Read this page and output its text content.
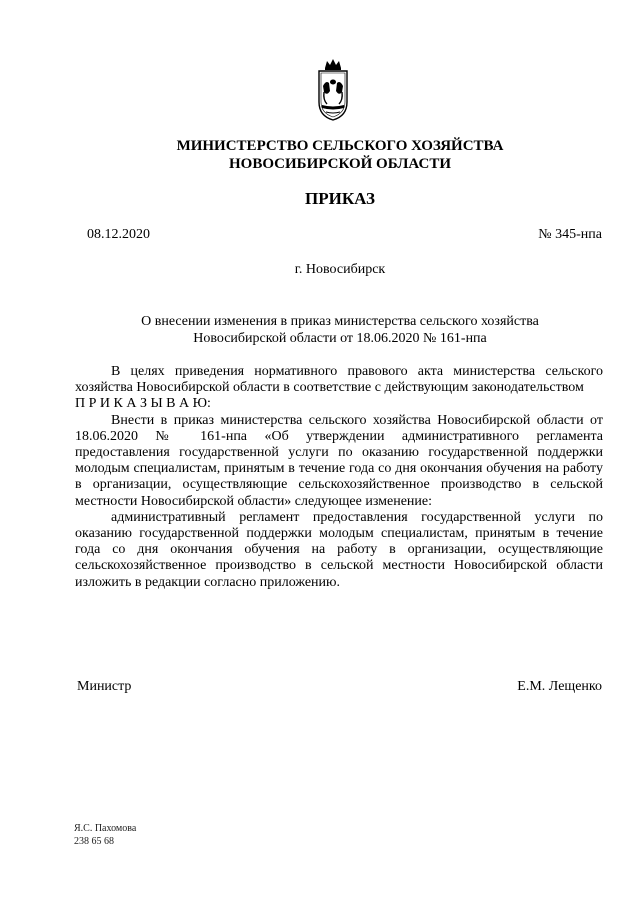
МИНИСТЕРСТВО СЕЛЬСКОГО ХОЗЯЙСТВА
НОВОСИБИРСКОЙ ОБЛАСТИ
ПРИКАЗ
08.12.2020	№ 345-нпа
г. Новосибирск
О внесении изменения в приказ министерства сельского хозяйства
Новосибирской области от 18.06.2020 № 161-нпа

В целях приведения нормативного правового акта министерства сельского хозяйства Новосибирской области в соответствие с действующим законодательством

П Р И К А З Ы В А Ю:

Внести в приказ министерства сельского хозяйства Новосибирской области от 18.06.2020 № 161-нпа «Об утверждении административного регламента предоставления государственной услуги по оказанию государственной поддержки молодым специалистам, принятым в течение года со дня окончания обучения на работу в организации, осуществляющие сельскохозяйственное производство в сельской местности Новосибирской области» следующее изменение:

административный регламент предоставления государственной услуги по оказанию государственной поддержки молодым специалистам, принятым в течение года со дня окончания обучения на работу в организации, осуществляющие сельскохозяйственное производство в сельской местности Новосибирской области изложить в редакции согласно приложению.

Министр	Е.М. Лещенко
Я.С. Пахомова
238 65 68
